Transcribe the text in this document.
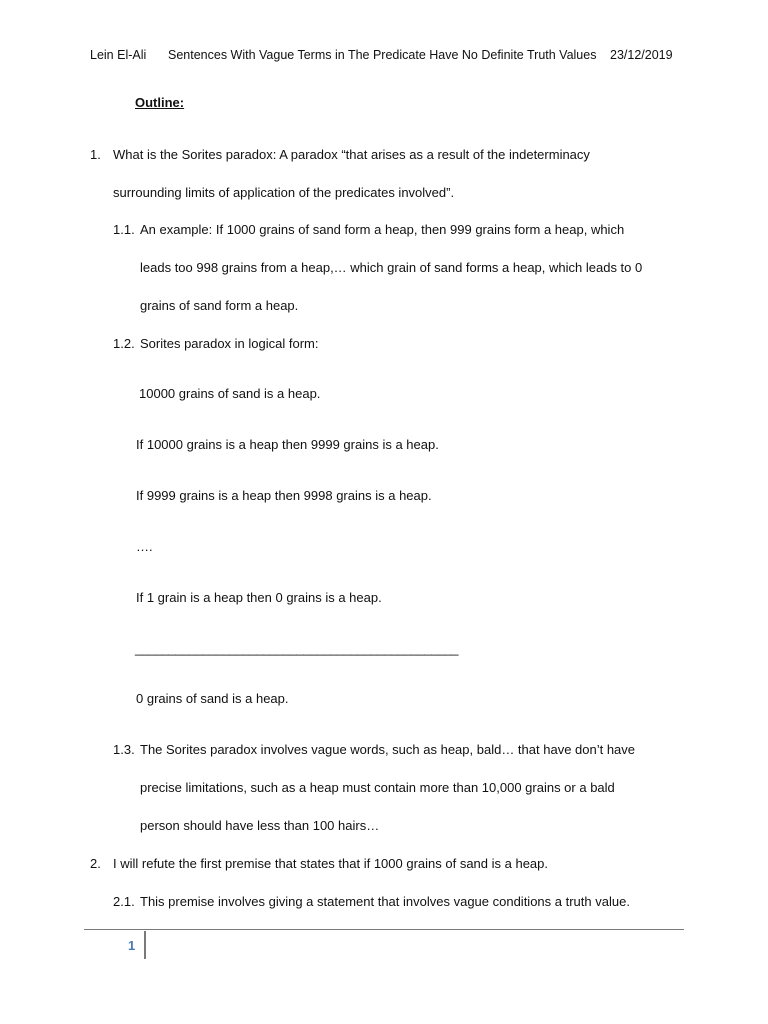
Lein El-Ali Sentences With Vague Terms in The Predicate Have No Definite Truth Values 23/12/2019
Outline:
1. What is the Sorites paradox: A paradox “that arises as a result of the indeterminacy
surrounding limits of application of the predicates involved”.
1.1. An example: If 1000 grains of sand form a heap, then 999 grains form a heap, which
leads too 998 grains from a heap,… which grain of sand forms a heap, which leads to 0
grains of sand form a heap.
1.2. Sorites paradox in logical form:
10000 grains of sand is a heap.
If 10000 grains is a heap then 9999 grains is a heap.
If 9999 grains is a heap then 9998 grains is a heap.
….
If 1 grain is a heap then 0 grains is a heap.
________________________________________________
0 grains of sand is a heap.
1.3. The Sorites paradox involves vague words, such as heap, bald… that have don’t have
precise limitations, such as a heap must contain more than 10,000 grains or a bald
person should have less than 100 hairs…
2. I will refute the first premise that states that if 1000 grains of sand is a heap.
2.1. This premise involves giving a statement that involves vague conditions a truth value.
1
